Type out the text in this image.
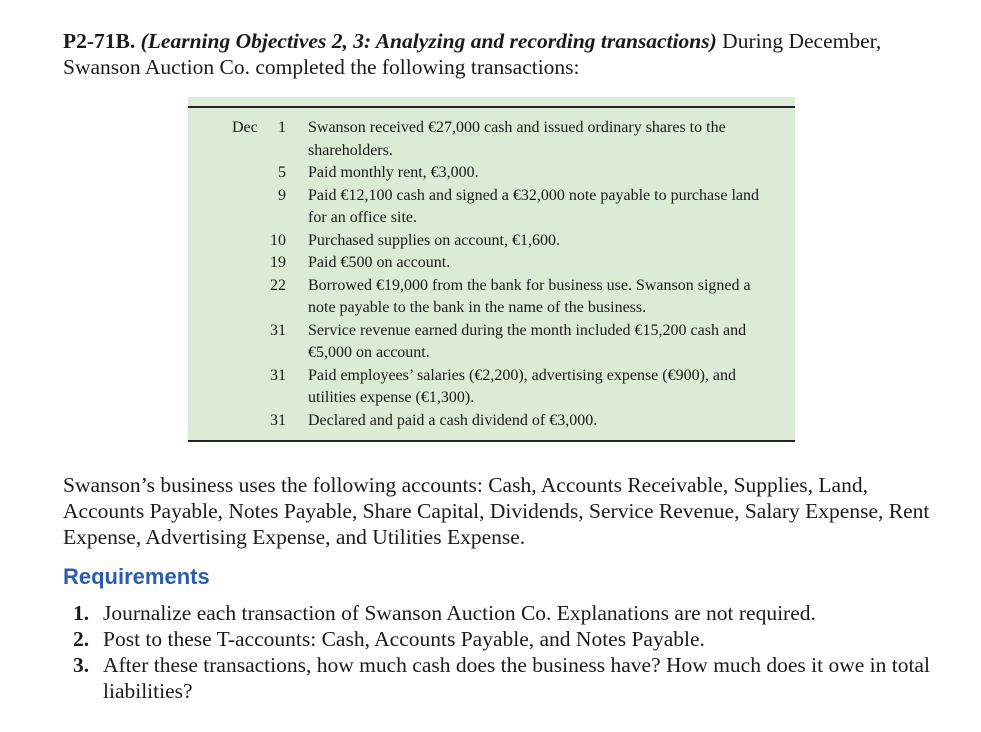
P2-71B. (Learning Objectives 2, 3: Analyzing and recording transactions) During December, Swanson Auction Co. completed the following transactions:
Dec	1 Swanson received €27,000 cash and issued ordinary shares to the shareholders.
5 Paid monthly rent, €3,000.
9 Paid €12,100 cash and signed a €32,000 note payable to purchase land for an office site.
10 Purchased supplies on account, €1,600.
19 Paid €500 on account.
22 Borrowed €19,000 from the bank for business use. Swanson signed a note payable to the bank in the name of the business.
31 Service revenue earned during the month included €15,200 cash and €5,000 on account.
31 Paid employees’ salaries (€2,200), advertising expense (€900), and utilities expense (€1,300).
31 Declared and paid a cash dividend of €3,000.
Swanson’s business uses the following accounts: Cash, Accounts Receivable, Supplies, Land, Accounts Payable, Notes Payable, Share Capital, Dividends, Service Revenue, Salary Expense, Rent Expense, Advertising Expense, and Utilities Expense.
Requirements
1. Journalize each transaction of Swanson Auction Co. Explanations are not required.
2. Post to these T-accounts: Cash, Accounts Payable, and Notes Payable.
3. After these transactions, how much cash does the business have? How much does it owe in total liabilities?
